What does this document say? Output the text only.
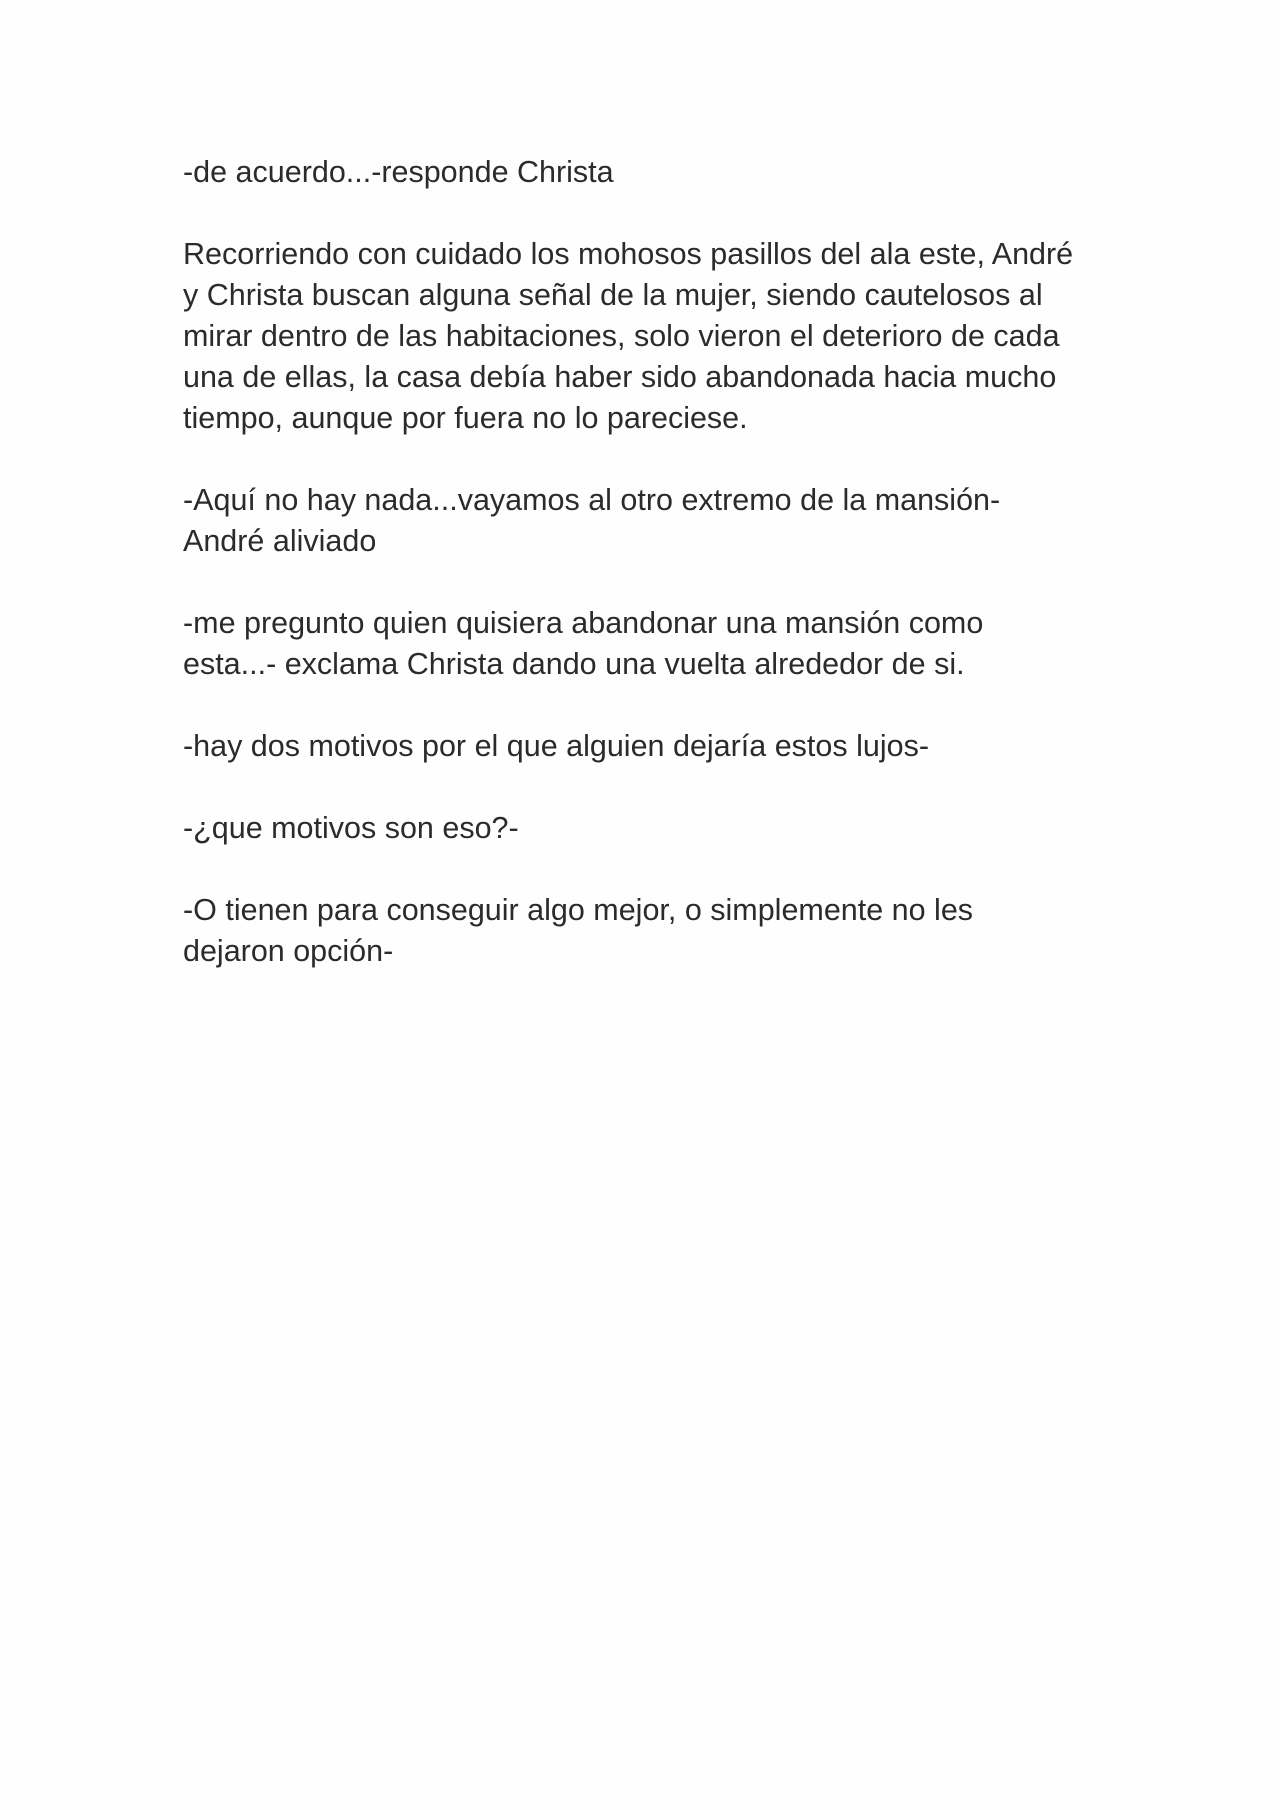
-de acuerdo...-responde Christa

Recorriendo con cuidado los mohosos pasillos del ala este, André
y Christa buscan alguna señal de la mujer, siendo cautelosos al
mirar dentro de las habitaciones, solo vieron el deterioro de cada
una de ellas, la casa debía haber sido abandonada hacia mucho
tiempo, aunque por fuera no lo pareciese.

-Aquí no hay nada...vayamos al otro extremo de la mansión-
André aliviado

-me pregunto quien quisiera abandonar una mansión como
esta...- exclama Christa dando una vuelta alrededor de si.

-hay dos motivos por el que alguien dejaría estos lujos-

-¿que motivos son eso?-

-O tienen para conseguir algo mejor, o simplemente no les
dejaron opción-
